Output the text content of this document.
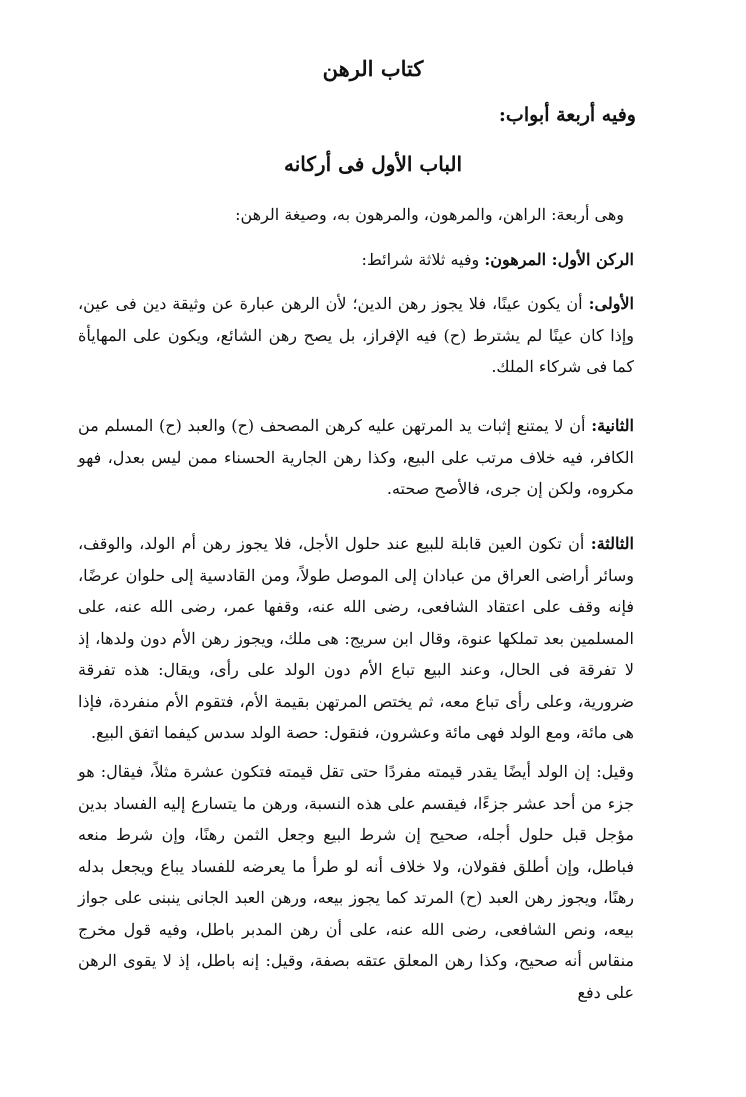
كتاب الرهن
وفيه أربعة أبواب:
الباب الأول فى أركانه

وهى أربعة: الراهن، والمرهون، والمرهون به، وصيغة الرهن:

الركن الأول: المرهون: وفيه ثلاثة شرائط:

الأولى: أن يكون عينًا، فلا يجوز رهن الدين؛ لأن الرهن عبارة عن وثيقة دين فى عين، وإذا كان عينًا لم يشترط (ح) فيه الإفراز، بل يصح رهن الشائع، ويكون على المهايأة كما فى شركاء الملك.

الثانية: أن لا يمتنع إثبات يد المرتهن عليه كرهن المصحف (ح) والعبد (ح) المسلم من الكافر، فيه خلاف مرتب على البيع، وكذا رهن الجارية الحسناء ممن ليس بعدل، فهو مكروه، ولكن إن جرى، فالأصح صحته.

الثالثة: أن تكون العين قابلة للبيع عند حلول الأجل، فلا يجوز رهن أم الولد، والوقف، وسائر أراضى العراق من عبادان إلى الموصل طولاً، ومن القادسية إلى حلوان عرضًا، فإنه وقف على اعتقاد الشافعى، رضى الله عنه، وقفها عمر، رضى الله عنه، على المسلمين بعد تملكها عنوة، وقال ابن سريج: هى ملك، ويجوز رهن الأم دون ولدها، إذ لا تفرقة فى الحال، وعند البيع تباع الأم دون الولد على رأى، ويقال: هذه تفرقة ضرورية، وعلى رأى تباع معه، ثم يختص المرتهن بقيمة الأم، فتقوم الأم منفردة، فإذا هى مائة، ومع الولد فهى مائة وعشرون، فنقول: حصة الولد سدس كيفما اتفق البيع.

وقيل: إن الولد أيضًا يقدر قيمته مفردًا حتى تقل قيمته فتكون عشرة مثلاً، فيقال: هو جزء من أحد عشر جزءًا، فيقسم على هذه النسبة، ورهن ما يتسارع إليه الفساد بدين مؤجل قبل حلول أجله، صحيح إن شرط البيع وجعل الثمن رهنًا، وإن شرط منعه فباطل، وإن أطلق فقولان، ولا خلاف أنه لو طرأ ما يعرضه للفساد يباع ويجعل بدله رهنًا، ويجوز رهن العبد (ح) المرتد كما يجوز بيعه، ورهن العبد الجانى ينبنى على جواز بيعه، ونص الشافعى، رضى الله عنه، على أن رهن المدبر باطل، وفيه قول مخرج منقاس أنه صحيح، وكذا رهن المعلق عتقه بصفة، وقيل: إنه باطل، إذ لا يقوى الرهن على دفع
